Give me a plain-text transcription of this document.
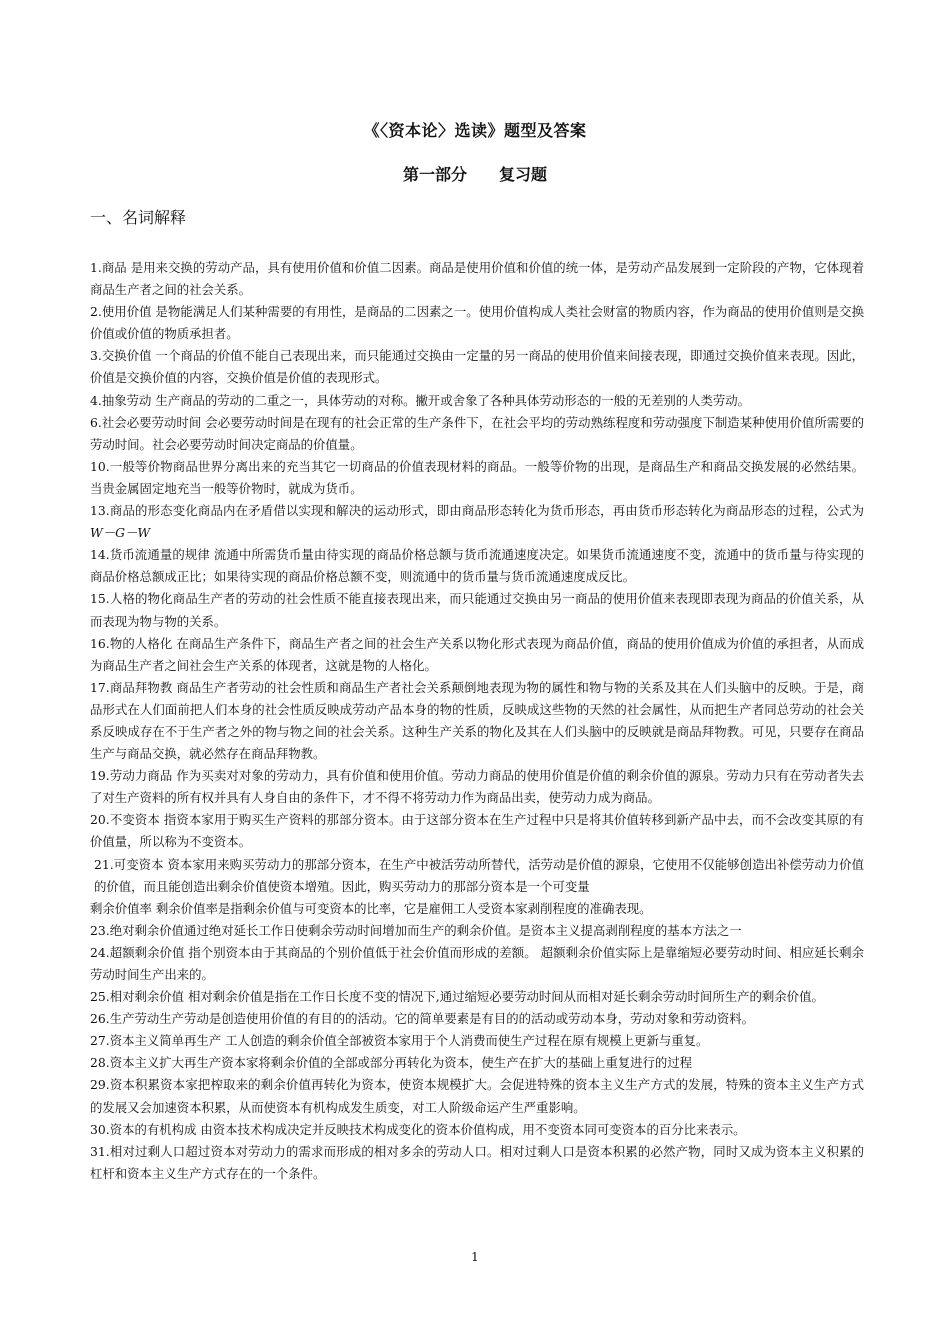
《〈资本论〉选读》题型及答案
第一部分　　复习题
一、名词解释

1.商品 是用来交换的劳动产品，具有使用价值和价值二因素。商品是使用价值和价值的统一体，是劳动产品发展到一定阶段的产物，它体现着商品生产者之间的社会关系。

2.使用价值 是物能满足人们某种需要的有用性，是商品的二因素之一。使用价值构成人类社会财富的物质内容，作为商品的使用价值则是交换价值或价值的物质承担者。

3.交换价值 一个商品的价值不能自己表现出来，而只能通过交换由一定量的另一商品的使用价值来间接表现，即通过交换价值来表现。因此，价值是交换价值的内容，交换价值是价值的表现形式。

4.抽象劳动 生产商品的劳动的二重之一，具体劳动的对称。撇开或舍象了各种具体劳动形态的一般的无差别的人类劳动。

6.社会必要劳动时间 会必要劳动时间是在现有的社会正常的生产条件下，在社会平均的劳动熟练程度和劳动强度下制造某种使用价值所需要的劳动时间。社会必要劳动时间决定商品的价值量。

10.一般等价物商品世界分离出来的充当其它一切商品的价值表现材料的商品。一般等价物的出现，是商品生产和商品交换发展的必然结果。当贵金属固定地充当一般等价物时，就成为货币。

13.商品的形态变化商品内在矛盾借以实现和解决的运动形式，即由商品形态转化为货币形态，再由货币形态转化为商品形态的过程，公式为W－G－W

14.货币流通量的规律 流通中所需货币量由待实现的商品价格总额与货币流通速度决定。如果货币流通速度不变，流通中的货币量与待实现的商品价格总额成正比；如果待实现的商品价格总额不变，则流通中的货币量与货币流通速度成反比。

15.人格的物化商品生产者的劳动的社会性质不能直接表现出来，而只能通过交换由另一商品的使用价值来表现即表现为商品的价值关系，从而表现为物与物的关系。

16.物的人格化 在商品生产条件下，商品生产者之间的社会生产关系以物化形式表现为商品价值，商品的使用价值成为价值的承担者，从而成为商品生产者之间社会生产关系的体现者，这就是物的人格化。

17.商品拜物教 商品生产者劳动的社会性质和商品生产者社会关系颠倒地表现为物的属性和物与物的关系及其在人们头脑中的反映。于是，商品形式在人们面前把人们本身的社会性质反映成劳动产品本身的物的性质，反映成这些物的天然的社会属性，从而把生产者同总劳动的社会关系反映成存在不于生产者之外的物与物之间的社会关系。这种生产关系的物化及其在人们头脑中的反映就是商品拜物教。可见，只要存在商品生产与商品交换，就必然存在商品拜物教。

19.劳动力商品 作为买卖对对象的劳动力，具有价值和使用价值。劳动力商品的使用价值是价值的剩余价值的源泉。劳动力只有在劳动者失去了对生产资料的所有权并具有人身自由的条件下，才不得不将劳动力作为商品出卖，使劳动力成为商品。

20.不变资本 指资本家用于购买生产资料的那部分资本。由于这部分资本在生产过程中只是将其价值转移到新产品中去，而不会改变其原的有价值量，所以称为不变资本。

21.可变资本 资本家用来购买劳动力的那部分资本，在生产中被活劳动所替代，活劳动是价值的源泉，它使用不仅能够创造出补偿劳动力价值的价值，而且能创造出剩余价值使资本增殖。因此，购买劳动力的那部分资本是一个可变量

剩余价值率 剩余价值率是指剩余价值与可变资本的比率，它是雇佣工人受资本家剥削程度的准确表现。

23.绝对剩余价值通过绝对延长工作日使剩余劳动时间增加而生产的剩余价值。是资本主义提高剥削程度的基本方法之一

24.超额剩余价值 指个别资本由于其商品的个别价值低于社会价值而形成的差额。 超额剩余价值实际上是靠缩短必要劳动时间、相应延长剩余劳动时间生产出来的。

25.相对剩余价值 相对剩余价值是指在工作日长度不变的情况下,通过缩短必要劳动时间从而相对延长剩余劳动时间所生产的剩余价值。

26.生产劳动生产劳动是创造使用价值的有目的的活动。它的简单要素是有目的的活动或劳动本身，劳动对象和劳动资料。

27.资本主义简单再生产 工人创造的剩余价值全部被资本家用于个人消费而使生产过程在原有规模上更新与重复。

28.资本主义扩大再生产资本家将剩余价值的全部或部分再转化为资本，使生产在扩大的基础上重复进行的过程

29.资本积累资本家把榨取来的剩余价值再转化为资本，使资本规模扩大。会促进特殊的资本主义生产方式的发展，特殊的资本主义生产方式的发展又会加速资本积累，从而使资本有机构成发生质变，对工人阶级命运产生严重影响。

30.资本的有机构成 由资本技术构成决定并反映技术构成变化的资本价值构成，用不变资本同可变资本的百分比来表示。

31.相对过剩人口超过资本对劳动力的需求而形成的相对多余的劳动人口。相对过剩人口是资本积累的必然产物，同时又成为资本主义积累的杠杆和资本主义生产方式存在的一个条件。

1
